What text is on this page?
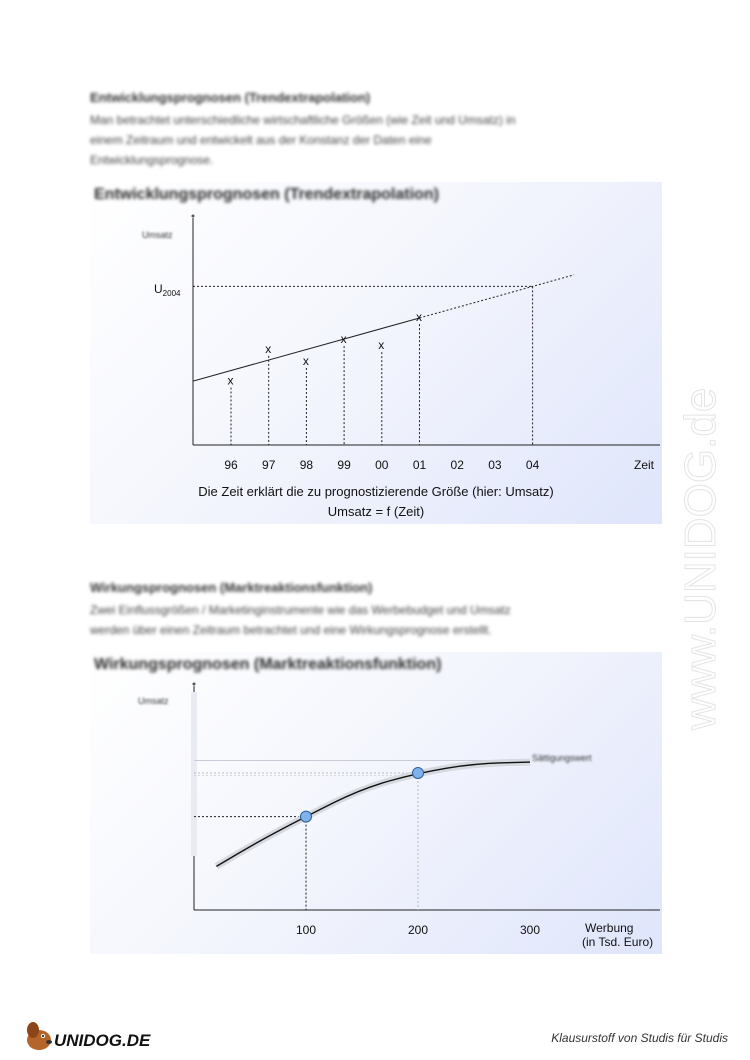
Entwicklungsprognosen (Trendextrapolation)
Man betrachtet unterschiedliche wirtschaftliche Größen (wie Zeit und Umsatz) in
einem Zeitraum und entwickelt aus der Konstanz der Daten eine
Entwicklungsprognose.
Entwicklungsprognosen (Trendextrapolation)
x
x
x
x	x
x
96 97 98 99 00 01 02 03 04
Umsatz
$U_{2004}$
Zeit
Die Zeit erklärt die zu prognostizierende Größe (hier: Umsatz)
Umsatz = f (Zeit)
Wirkungsprognosen (Marktreaktionsfunktion)
Zwei Einflussgrößen / Marketinginstrumente wie das Werbebudget und Umsatz
werden über einen Zeitraum betrachtet und eine Wirkungsprognose erstellt.
Wirkungsprognosen (Marktreaktionsfunktion)
100	200	300
Umsatz
Sättigungswert
Werbung
(in Tsd. Euro)
www.UNIDOG.de
UNIDOG.DE	Klausurstoff von Studis für Studis
